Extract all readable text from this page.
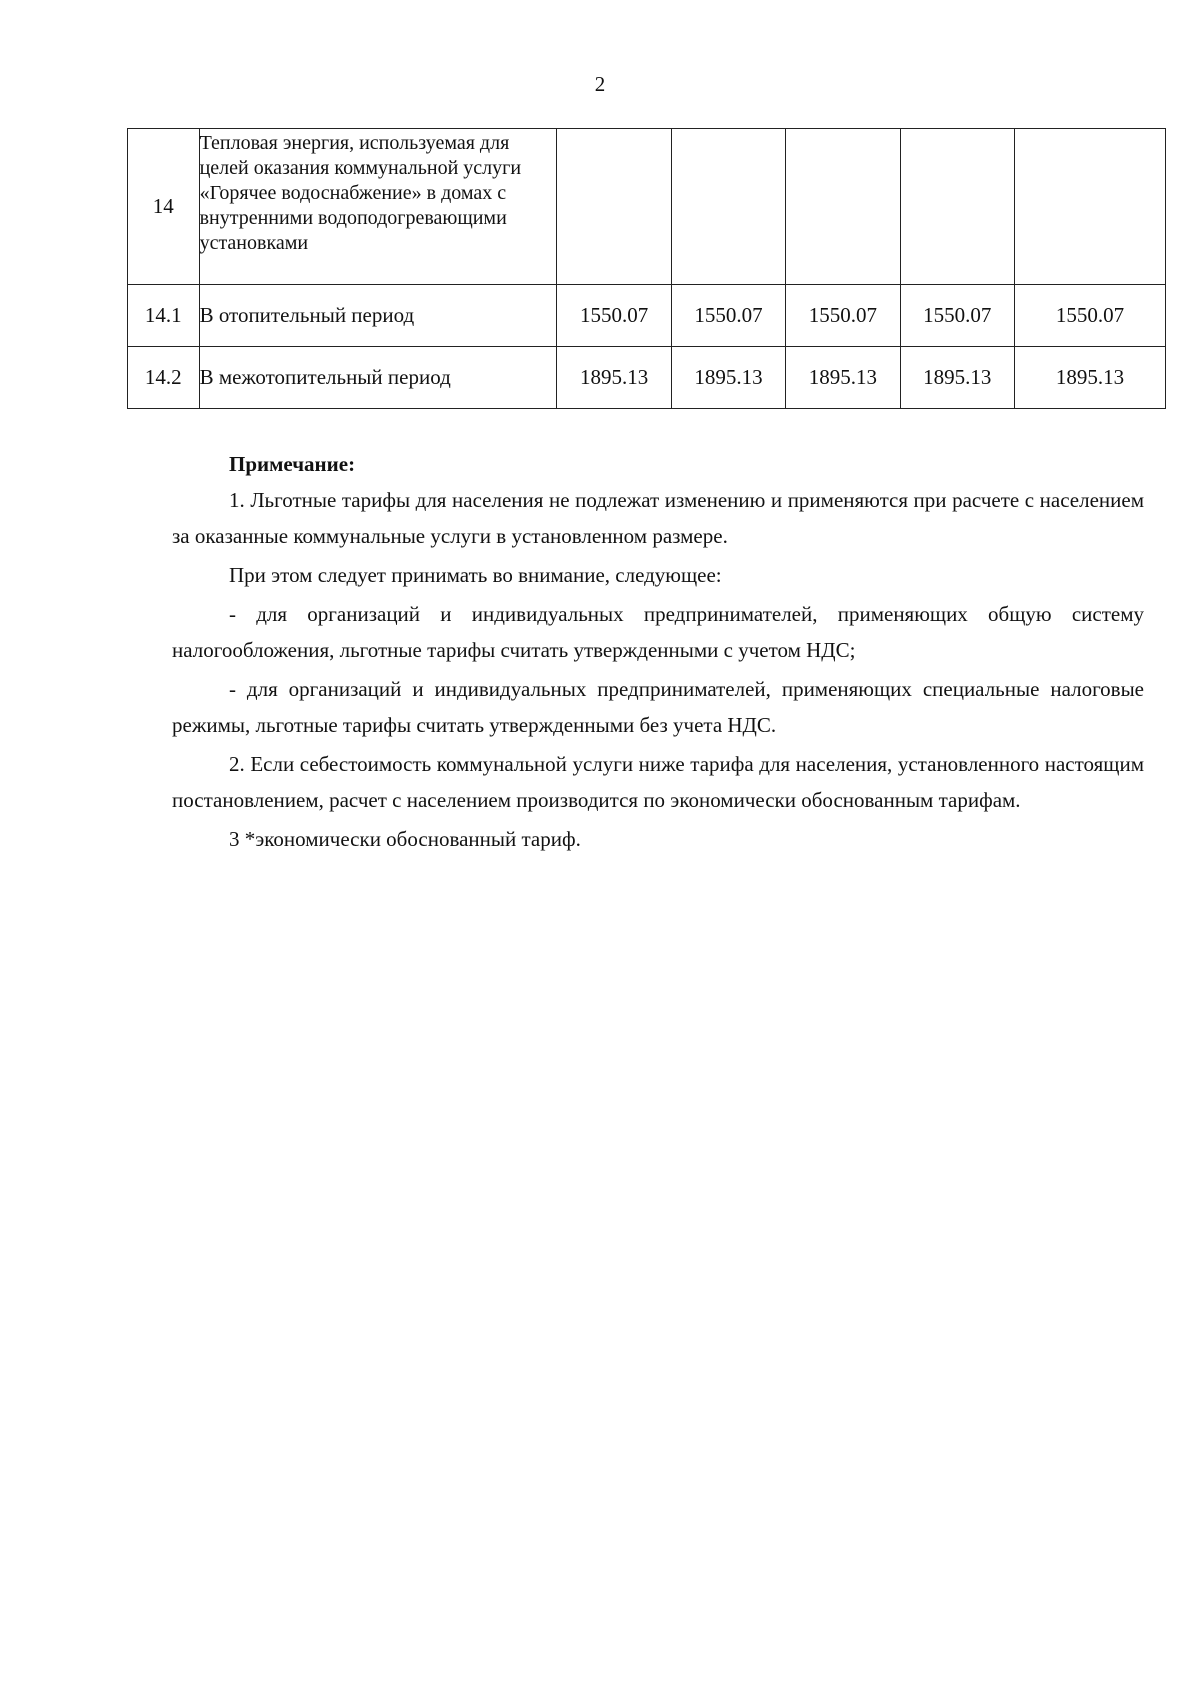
2
14	Тепловая энергия, используемая для целей оказания коммунальной услуги «Горячее водоснабжение» в домах с внутренними водоподогревающими установками					
14.1	В отопительный период	1550.07	1550.07	1550.07	1550.07	1550.07
14.2	В межотопительный период	1895.13	1895.13	1895.13	1895.13	1895.13
Примечание:

1. Льготные тарифы для населения не подлежат изменению и применяются при расчете с населением за оказанные коммунальные услуги в установленном размере.

При этом следует принимать во внимание, следующее:

- для организаций и индивидуальных предпринимателей, применяющих общую систему налогообложения, льготные тарифы считать утвержденными с учетом НДС;

- для организаций и индивидуальных предпринимателей, применяющих специальные налоговые режимы, льготные тарифы считать утвержденными без учета НДС.

2. Если себестоимость коммунальной услуги ниже тарифа для населения, установленного настоящим постановлением, расчет с населением производится по экономически обоснованным тарифам.

3 *экономически обоснованный тариф.
